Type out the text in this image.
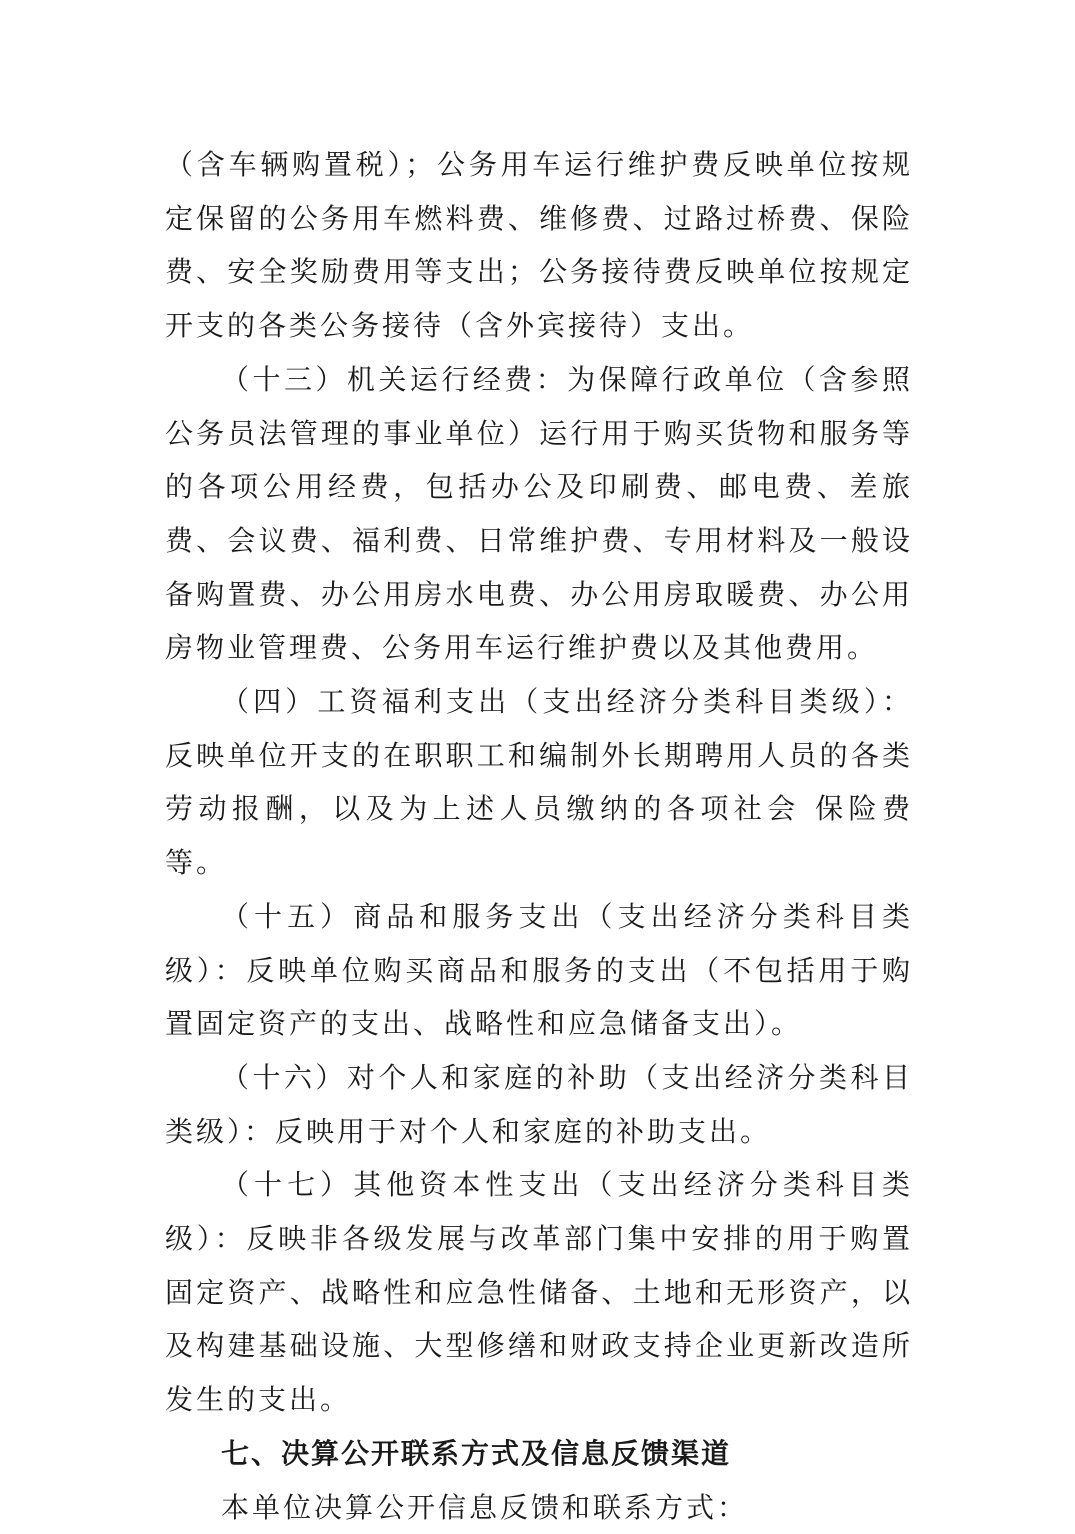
（含车辆购置税）；公务用车运行维护费反映单位按规定保留的公务用车燃料费、维修费、过路过桥费、保险费、安全奖励费用等支出；公务接待费反映单位按规定开支的各类公务接待（含外宾接待）支出。

（十三）机关运行经费：为保障行政单位（含参照公务员法管理的事业单位）运行用于购买货物和服务等的各项公用经费，包括办公及印刷费、邮电费、差旅费、会议费、福利费、日常维护费、专用材料及一般设备购置费、办公用房水电费、办公用房取暖费、办公用房物业管理费、公务用车运行维护费以及其他费用。

（四）工资福利支出（支出经济分类科目类级）：反映单位开支的在职职工和编制外长期聘用人员的各类劳动报酬，以及为上述人员缴纳的各项社会 保险费等。

（十五）商品和服务支出（支出经济分类科目类级）：反映单位购买商品和服务的支出（不包括用于购置固定资产的支出、战略性和应急储备支出）。

（十六）对个人和家庭的补助（支出经济分类科目类级）：反映用于对个人和家庭的补助支出。

（十七）其他资本性支出（支出经济分类科目类级）：反映非各级发展与改革部门集中安排的用于购置固定资产、战略性和应急性储备、土地和无形资产，以及构建基础设施、大型修缮和财政支持企业更新改造所发生的支出。

七、决算公开联系方式及信息反馈渠道

本单位决算公开信息反馈和联系方式：
